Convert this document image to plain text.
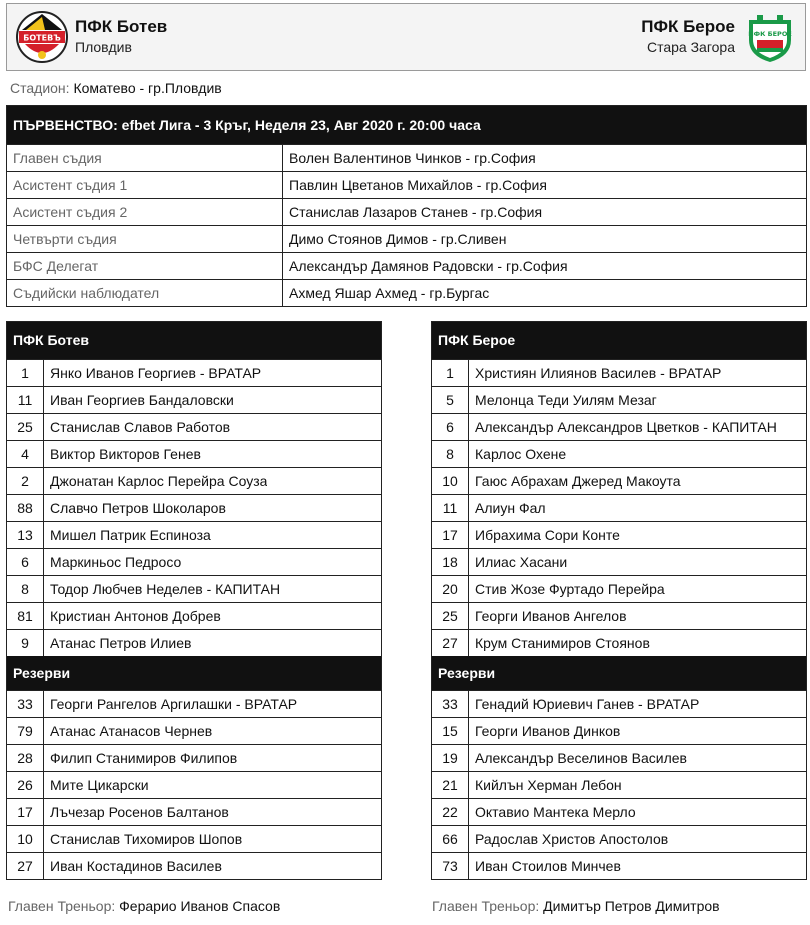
БОТЕВЪ
ПФК Ботев
Пловдив
ПФК Берое
Стара Загора
ПФК БЕРОЕ
Стадион: Коматево - гр.Пловдив
ПЪРВЕНСТВО: efbet Лига - 3 Кръг, Неделя 23, Авг 2020 г. 20:00 часа
Главен съдия	Волен Валентинов Чинков - гр.София
Асистент съдия 1	Павлин Цветанов Михайлов - гр.София
Асистент съдия 2	Станислав Лазаров Станев - гр.София
Четвърти съдия	Димо Стоянов Димов - гр.Сливен
БФС Делегат	Александър Дамянов Радовски - гр.София
Съдийски наблюдател	Ахмед Яшар Ахмед - гр.Бургас
ПФК Ботев
1	Янко Иванов Георгиев - ВРАТАР
11	Иван Георгиев Бандаловски
25	Станислав Славов Работов
4	Виктор Викторов Генев
2	Джонатан Карлос Перейра Соуза
88	Славчо Петров Шоколаров
13	Мишел Патрик Еспиноза
6	Маркиньос Педросо
8	Тодор Любчев Неделев - КАПИТАН
81	Кристиан Антонов Добрев
9	Атанас Петров Илиев
Резерви
33	Георги Рангелов Аргилашки - ВРАТАР
79	Атанас Атанасов Чернев
28	Филип Станимиров Филипов
26	Мите Цикарски
17	Лъчезар Росенов Балтанов
10	Станислав Тихомиров Шопов
27	Иван Костадинов Василев
ПФК Берое
1	Християн Илиянов Василев - ВРАТАР
5	Мелонца Теди Уилям Мезаг
6	Александър Александров Цветков - КАПИТАН
8	Карлос Охене
10	Гаюс Абрахам Джеред Макоута
11	Алиун Фал
17	Ибрахима Сори Конте
18	Илиас Хасани
20	Стив Жозе Фуртадо Перейра
25	Георги Иванов Ангелов
27	Крум Станимиров Стоянов
Резерви
33	Генадий Юриевич Ганев - ВРАТАР
15	Георги Иванов Динков
19	Александър Веселинов Василев
21	Кийлън Херман Лебон
22	Октавио Мантека Мерло
66	Радослав Христов Апостолов
73	Иван Стоилов Минчев
Главен Треньор: Ферарио Иванов Спасов	Главен Треньор: Димитър Петров Димитров
